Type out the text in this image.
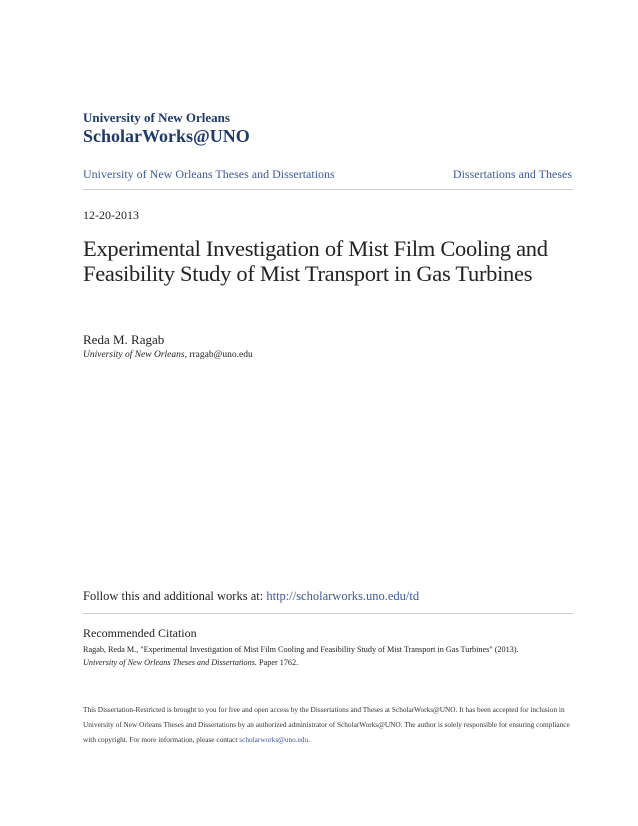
University of New Orleans
ScholarWorks@UNO
University of New Orleans Theses and Dissertations	Dissertations and Theses
12-20-2013
Experimental Investigation of Mist Film Cooling and Feasibility Study of Mist Transport in Gas Turbines
Reda M. Ragab
University of New Orleans, rragab@uno.edu
Follow this and additional works at: http://scholarworks.uno.edu/td
Recommended Citation
Ragab, Reda M., "Experimental Investigation of Mist Film Cooling and Feasibility Study of Mist Transport in Gas Turbines" (2013).
University of New Orleans Theses and Dissertations. Paper 1762.
This Dissertation-Restricted is brought to you for free and open access by the Dissertations and Theses at ScholarWorks@UNO. It has been accepted for inclusion in University of New Orleans Theses and Dissertations by an authorized administrator of ScholarWorks@UNO. The author is solely responsible for ensuring compliance with copyright. For more information, please contact scholarworks@uno.edu.
